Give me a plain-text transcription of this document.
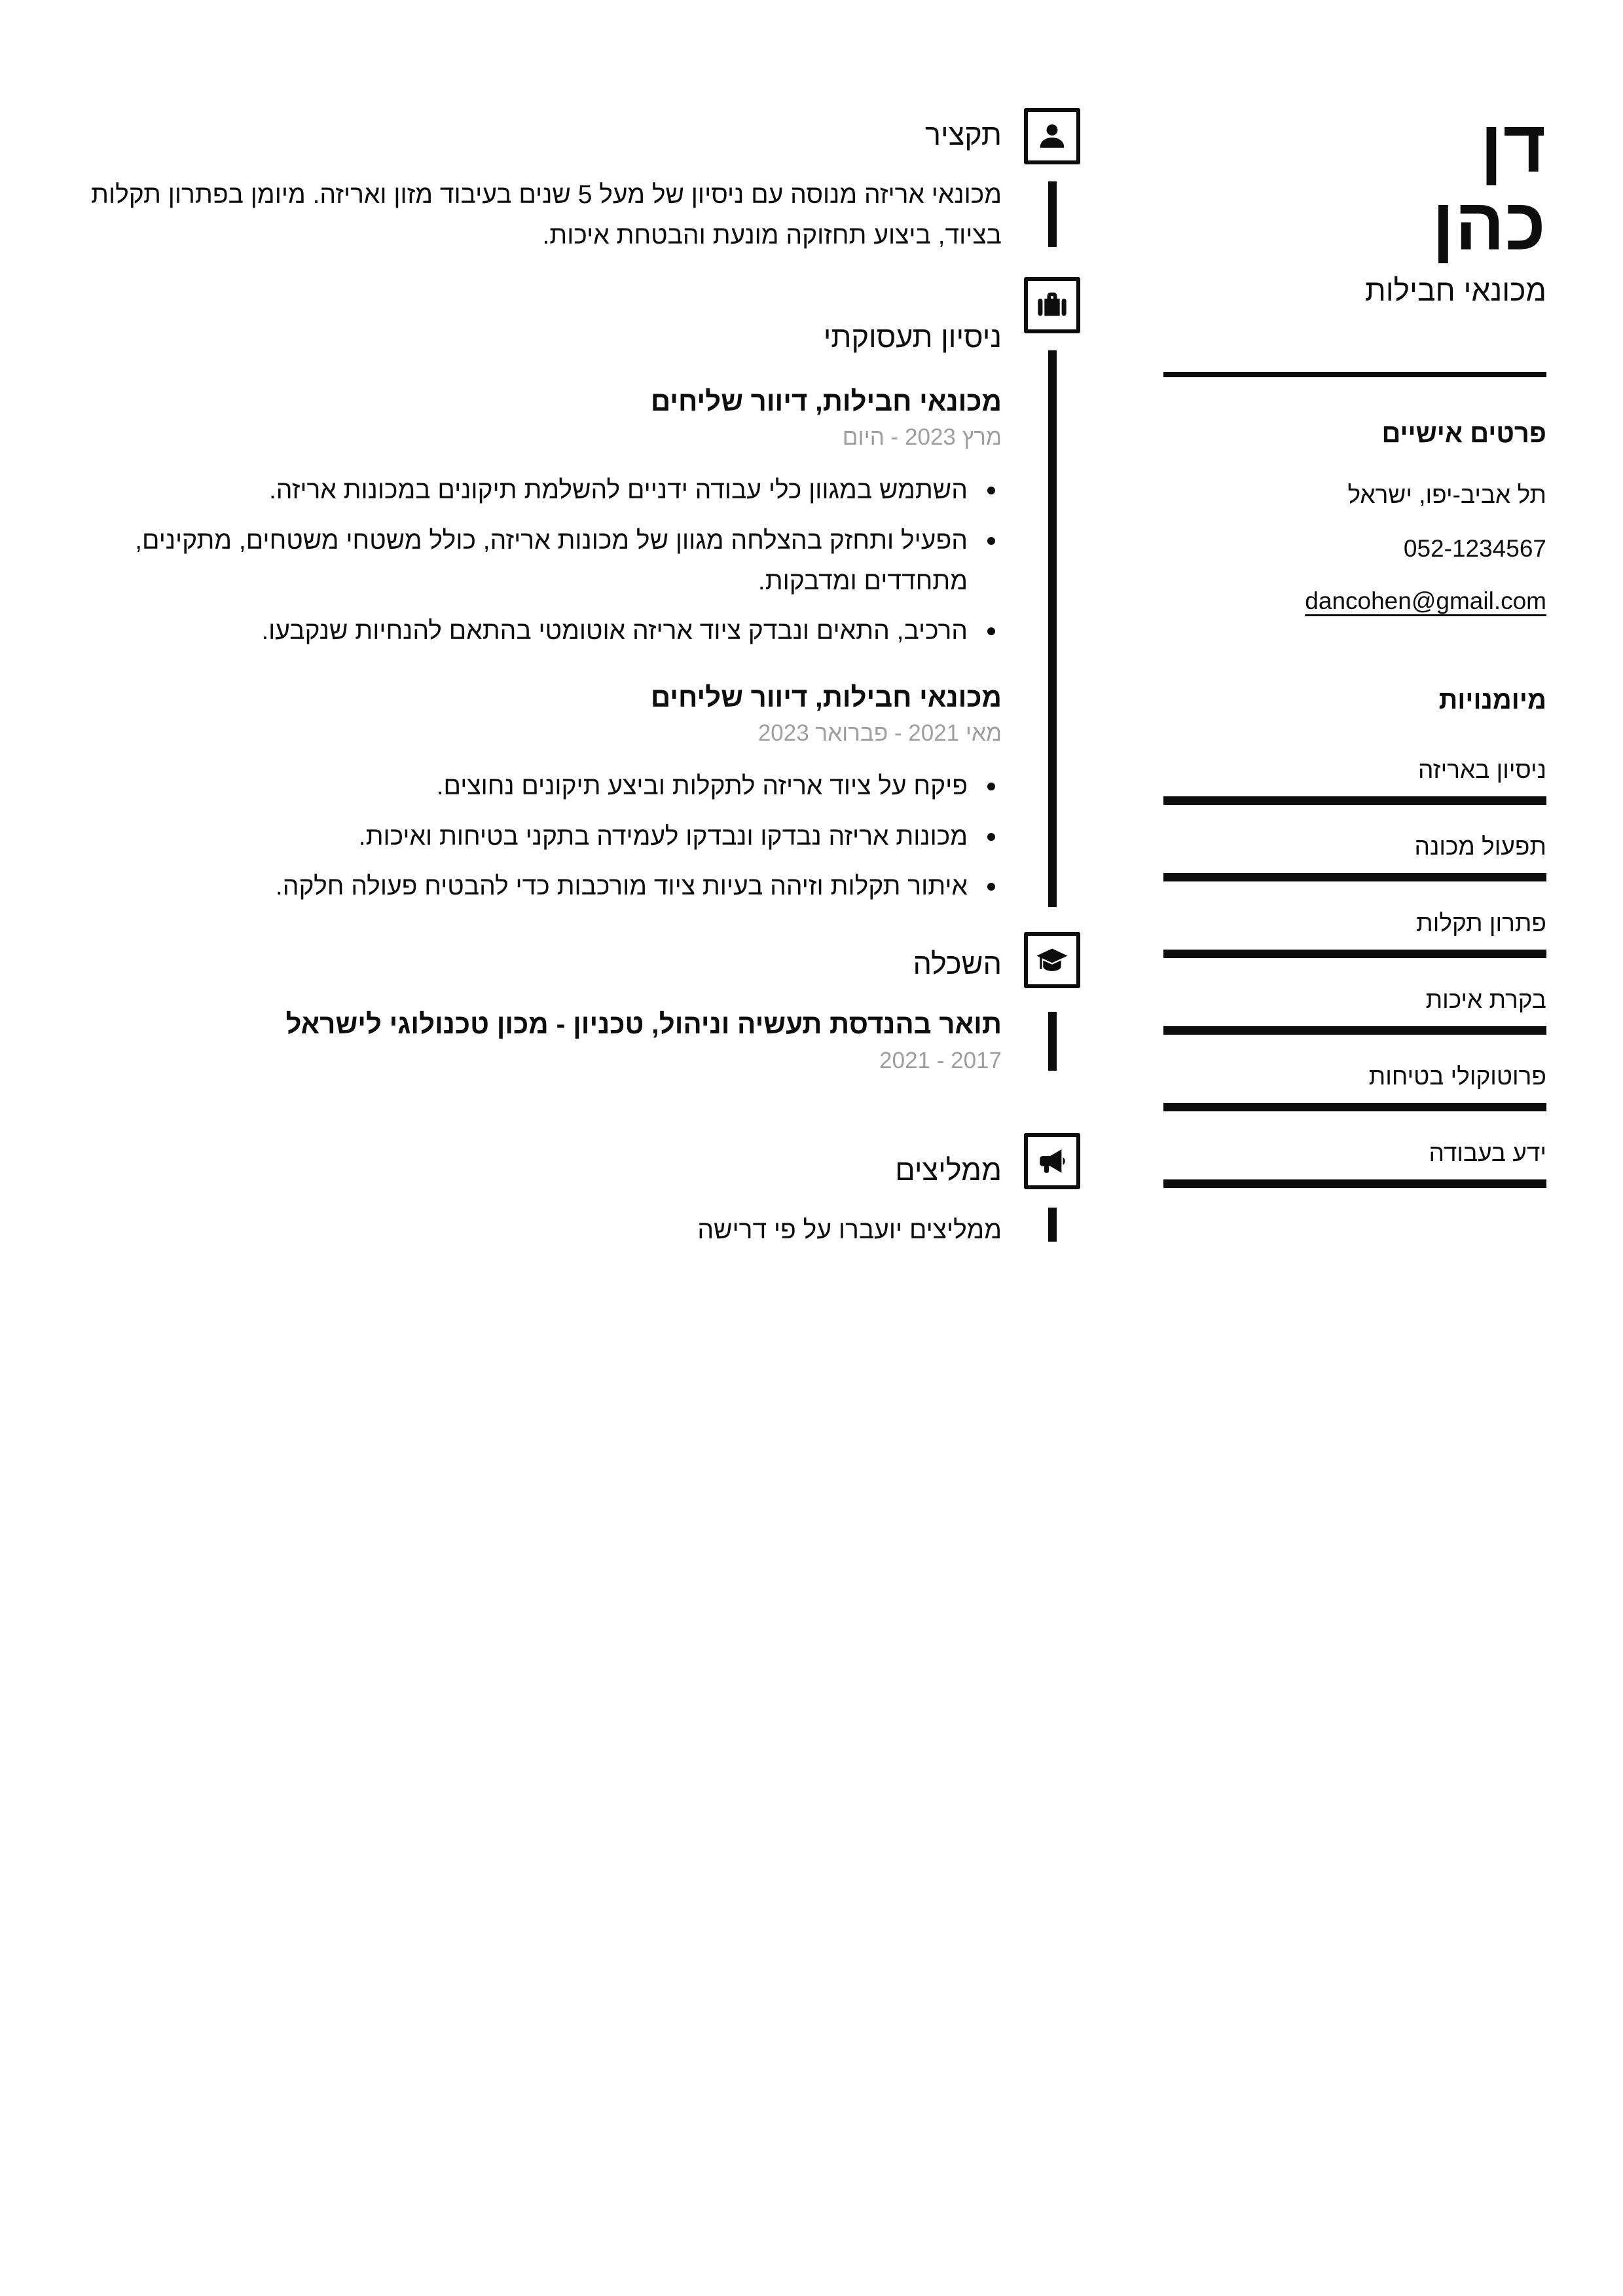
דן
כהן
מכונאי חבילות
פרטים אישיים
תל אביב-יפו, ישראל
052-1234567
dancohen@gmail.com
מיומנויות
ניסיון באריזה
תפעול מכונה
פתרון תקלות
בקרת איכות
פרוטוקולי בטיחות
ידע בעבודה
תקציר

מכונאי אריזה מנוסה עם ניסיון של מעל 5 שנים בעיבוד מזון ואריזה. מיומן בפתרון תקלות בציוד, ביצוע תחזוקה מונעת והבטחת איכות.

ניסיון תעסוקתי
מכונאי חבילות, דיוור שליחים
מרץ 2023 - היום
השתמש במגוון כלי עבודה ידניים להשלמת תיקונים במכונות אריזה.
הפעיל ותחזק בהצלחה מגוון של מכונות אריזה, כולל משטחי משטחים, מתקינים, מתחדדים ומדבקות.
הרכיב, התאים ונבדק ציוד אריזה אוטומטי בהתאם להנחיות שנקבעו.
מכונאי חבילות, דיוור שליחים
מאי 2021 - פברואר 2023
פיקח על ציוד אריזה לתקלות וביצע תיקונים נחוצים.
מכונות אריזה נבדקו ונבדקו לעמידה בתקני בטיחות ואיכות.
איתור תקלות וזיהה בעיות ציוד מורכבות כדי להבטיח פעולה חלקה.
השכלה
תואר בהנדסת תעשיה וניהול, טכניון - מכון טכנולוגי לישראל
2017 - 2021
ממליצים

ממליצים יועברו על פי דרישה
